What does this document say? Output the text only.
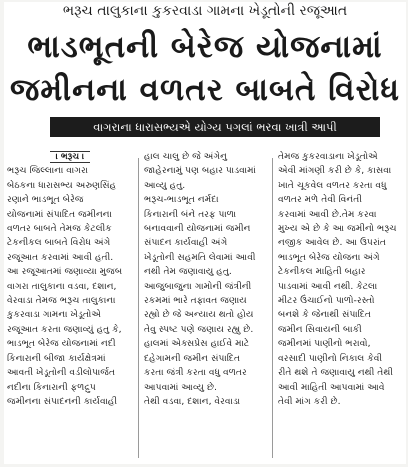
ભરૂચ તાલુકાના કુકરવાડા ગામના ખેડૂતોની રજૂઆત
ભાડભૂતની બેરેજ યોજનામાં
જમીનના વળતર બાબતે વિરોધ
વાગરાના ધારાસભ્યએ યોગ્ય પગલાં ભરવા ખાત્રી આપી
। ભરૂચ ।
ભરૂચ જિલ્લાના વાગરા
બેઠકના ધારાસભ્ય અરુણસિંહ
રણાને ભાડભૂત બેરેજ
યોજનામાં સંપાદિત જમીનના
વળતર બાબતે તેમજ કેટલીક
ટેકનીકલ બાબતે વિરોધ અંગે
રજૂઆત કરવામાં આવી હતી.
આ રજૂઆતમાં જણાવ્યા મુજબ
વાગરા તાલુકાના વડવા, દશાન,
વેરવાડા તેમજ ભરૂચ તાલુકાના
કુકરવાડા ગામના ખેડૂતોએ
રજૂઆત કરતા જણાવ્યું હતુ કે,
ભાડભૂત બેરેજ યોજનામાં નદી
કિનારાની બીજા કાર્યક્ષેત્રમાં
આવતી ખેડૂતોની વડીલોપાર્જત
નદીના કિનારાની ફળદ્રુપ
જમીનના સંપાદનની કાર્યવાહી
હાલ ચાલુ છે જે અંગેનુ
જાહેરનામું પણ બહાર પાડવામાં
આવ્યુ હતુ.
ભરૂચ-ભાડભૂત નર્મદા
કિનારાની બંને તરફ પાળા
બનાવવાની યોજનામાં જમીન
સંપાદન કાર્યવાહી અંગે
ખેડૂતોની સહમતિ લેવામાં આવી
નથી તેમ જણાવાયુ હતુ.
આજુબાજુના ગામોની જંત્રીની
રકમમાં ભારે તફાવત જણાય
રહ્યો છે જે અન્યાય થતો હોય
તેવુ સ્પષ્ટ પણે જણાય રહ્યુ છે.
હાલમાં એક્સપ્રેસ હાઈવે માટે
દહેગામની જમીન સંપાદિત
કરતા જંત્રી કરતા વધુ વળતર
આપવામાં આવ્યુ છે.
તેથી વડવા, દશાન, વેરવાડા
તેમજ કુકરવાડાના ખેડૂતોએ
એવી માંગણી કરી છે કે, કાસવા
ખાતે ચૂકવેલ વળતર કરતા વધુ
વળતર મળે તેવી વિનંતી
કરવામાં આવી છે.તેમ કરવા
મુખ્ય એ છે કે આ જમીનો ભરૂચ
નજીક આવેલ છે. આ ઉપરાંત
ભાડભૂત બેરેજ યોજના અંગે
ટેકનીકલ માહિતી બહાર
પાડવામાં આવી નથી. કેટલા
મીટર ઉંચાઈનો પાળો-રસ્તો
બનશે કે જેનાથી સંપાદિત
જમીન સિવાયની બાકી
જમીનમાં પાણીનો ભરાવો,
વરસાદી પાણીનો નિકાલ કેવી
રીતે થશે તે જણાવાયુ નથી તેથી
આવી માહિતી આપવામાં આવે
તેવી માંગ કરી છે.
